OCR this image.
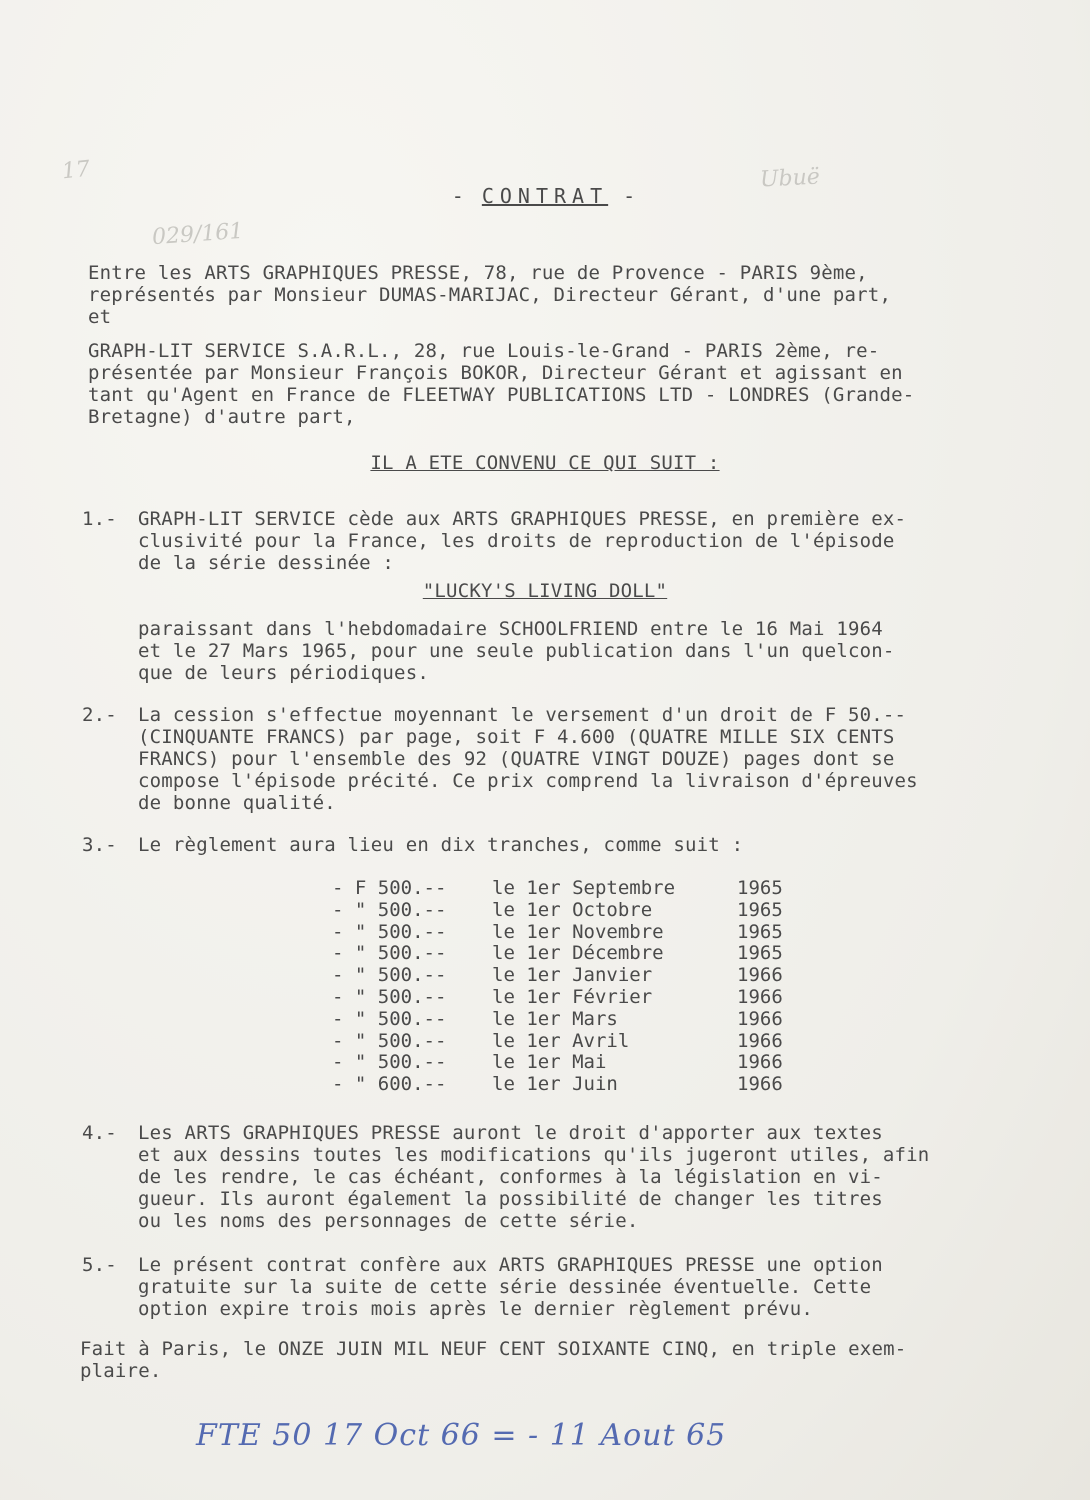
17	Ubuë
029/161
- CONTRAT -
Entre les ARTS GRAPHIQUES PRESSE, 78, rue de Provence - PARIS 9ème,
représentés par Monsieur DUMAS-MARIJAC, Directeur Gérant, d'une part,
et
GRAPH-LIT SERVICE S.A.R.L., 28, rue Louis-le-Grand - PARIS 2ème, re-
présentée par Monsieur François BOKOR, Directeur Gérant et agissant en
tant qu'Agent en France de FLEETWAY PUBLICATIONS LTD - LONDRES (Grande-
Bretagne) d'autre part,
IL A ETE CONVENU CE QUI SUIT :
1.- GRAPH-LIT SERVICE cède aux ARTS GRAPHIQUES PRESSE, en première ex-
clusivité pour la France, les droits de reproduction de l'épisode
de la série dessinée :
"LUCKY'S LIVING DOLL"
paraissant dans l'hebdomadaire SCHOOLFRIEND entre le 16 Mai 1964
et le 27 Mars 1965, pour une seule publication dans l'un quelcon-
que de leurs périodiques.
2.- La cession s'effectue moyennant le versement d'un droit de F 50.--
(CINQUANTE FRANCS) par page, soit F 4.600 (QUATRE MILLE SIX CENTS
FRANCS) pour l'ensemble des 92 (QUATRE VINGT DOUZE) pages dont se
compose l'épisode précité. Ce prix comprend la livraison d'épreuves
de bonne qualité.
3.- Le règlement aura lieu en dix tranches, comme suit :
- F 500.--	le 1er Septembre	1965
- " 500.--	le 1er Octobre	1965
- " 500.--	le 1er Novembre	1965
- " 500.--	le 1er Décembre	1965
- " 500.--	le 1er Janvier	1966
- " 500.--	le 1er Février	1966
- " 500.--	le 1er Mars	1966
- " 500.--	le 1er Avril	1966
- " 500.--	le 1er Mai	1966
- " 600.--	le 1er Juin	1966
4.- Les ARTS GRAPHIQUES PRESSE auront le droit d'apporter aux textes
et aux dessins toutes les modifications qu'ils jugeront utiles, afin
de les rendre, le cas échéant, conformes à la législation en vi-
gueur. Ils auront également la possibilité de changer les titres
ou les noms des personnages de cette série.
5.- Le présent contrat confère aux ARTS GRAPHIQUES PRESSE une option
gratuite sur la suite de cette série dessinée éventuelle. Cette
option expire trois mois après le dernier règlement prévu.
Fait à Paris, le ONZE JUIN MIL NEUF CENT SOIXANTE CINQ, en triple exem-
plaire.
FTE 50 17 Oct 66 = - 11 Aout 65
